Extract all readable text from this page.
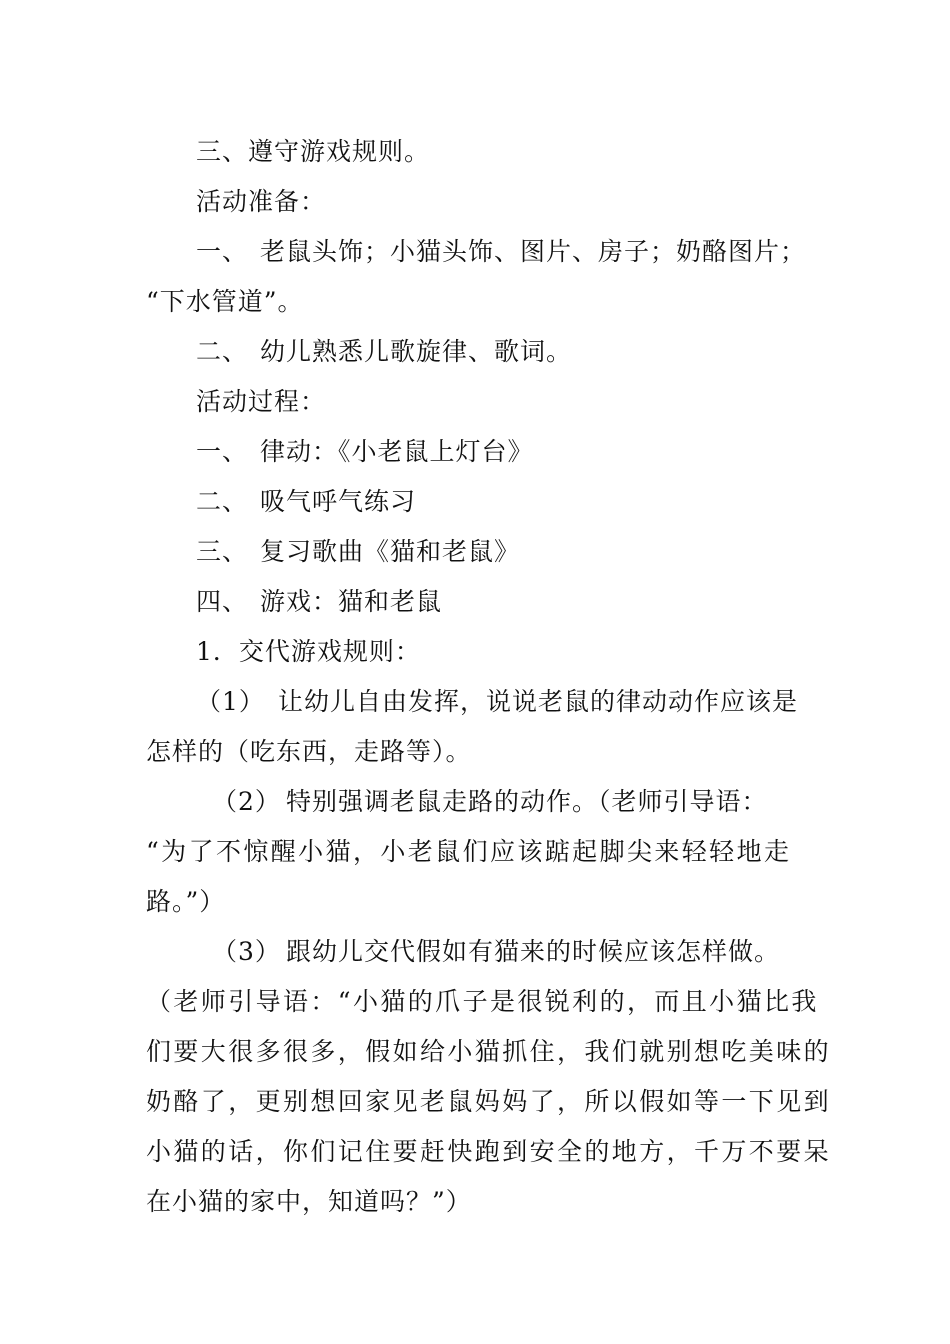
三、遵守游戏规则。
活动准备：
一、 老鼠头饰；小猫头饰、图片、房子；奶酪图片；
“下水管道”。
二、 幼儿熟悉儿歌旋律、歌词。
活动过程：
一、 律动：《小老鼠上灯台》
二、 吸气呼气练习
三、 复习歌曲《猫和老鼠》
四、 游戏：猫和老鼠
1．交代游戏规则：
（1） 让幼儿自由发挥，说说老鼠的律动动作应该是
怎样的（吃东西，走路等）。
（2） 特别强调老鼠走路的动作。（老师引导语：
“为了不惊醒小猫，小老鼠们应该踮起脚尖来轻轻地走
路。”）
（3） 跟幼儿交代假如有猫来的时候应该怎样做。
（老师引导语：“小猫的爪子是很锐利的，而且小猫比我
们要大很多很多，假如给小猫抓住，我们就别想吃美味的
奶酪了，更别想回家见老鼠妈妈了，所以假如等一下见到
小猫的话，你们记住要赶快跑到安全的地方，千万不要呆
在小猫的家中，知道吗？”）
